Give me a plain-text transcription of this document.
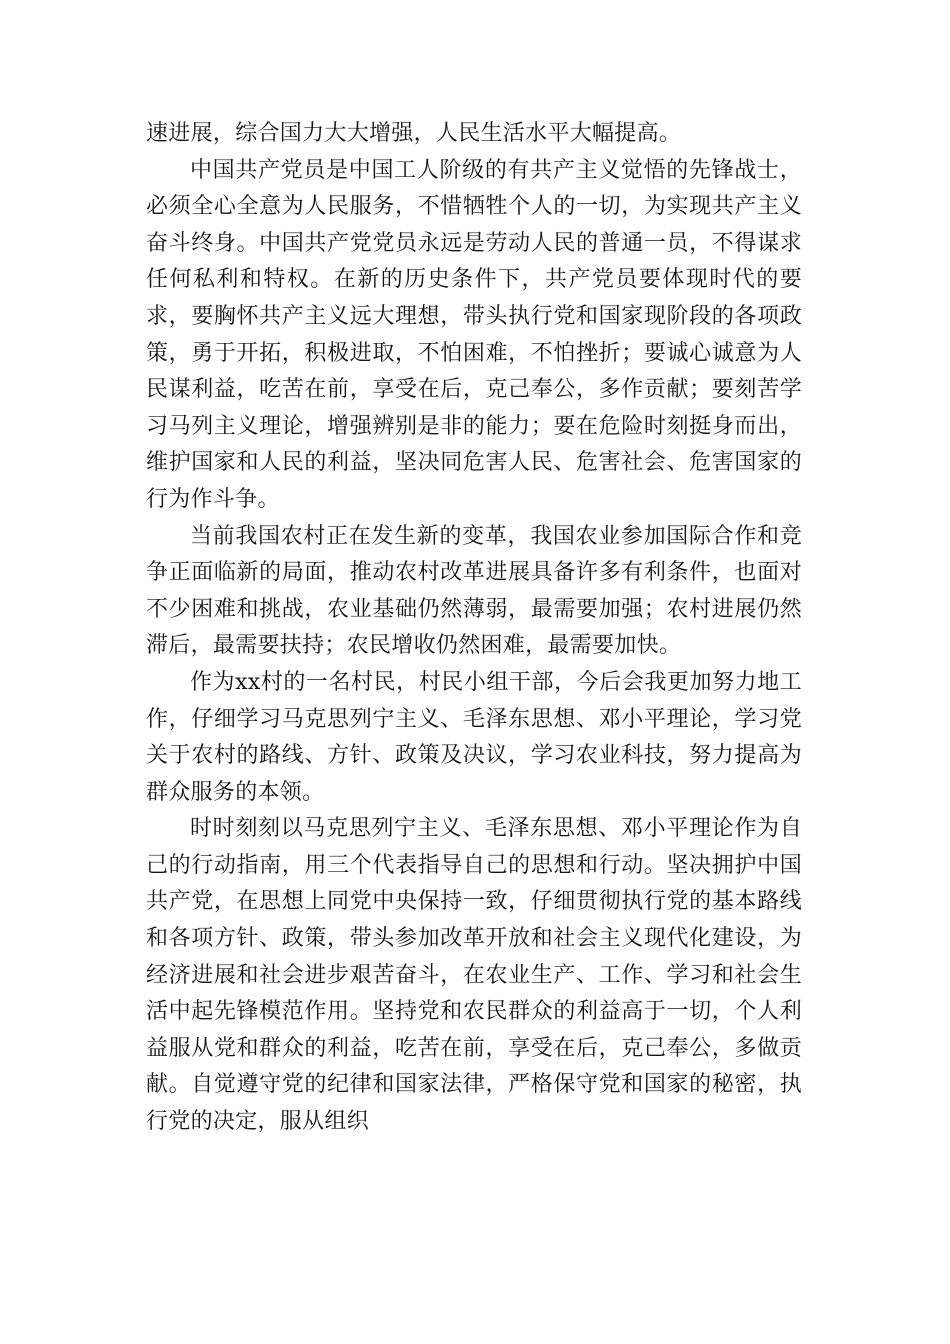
速进展，综合国力大大增强，人民生活水平大幅提高。

中国共产党员是中国工人阶级的有共产主义觉悟的先锋战士，必须全心全意为人民服务，不惜牺牲个人的一切，为实现共产主义奋斗终身。中国共产党党员永远是劳动人民的普通一员，不得谋求任何私利和特权。在新的历史条件下，共产党员要体现时代的要求，要胸怀共产主义远大理想，带头执行党和国家现阶段的各项政策，勇于开拓，积极进取，不怕困难，不怕挫折；要诚心诚意为人民谋利益，吃苦在前，享受在后，克己奉公，多作贡献；要刻苦学习马列主义理论，增强辨别是非的能力；要在危险时刻挺身而出，维护国家和人民的利益，坚决同危害人民、危害社会、危害国家的行为作斗争。

当前我国农村正在发生新的变革，我国农业参加国际合作和竞争正面临新的局面，推动农村改革进展具备许多有利条件，也面对不少困难和挑战，农业基础仍然薄弱，最需要加强；农村进展仍然滞后，最需要扶持；农民增收仍然困难，最需要加快。

作为xx村的一名村民，村民小组干部，今后会我更加努力地工作，仔细学习马克思列宁主义、毛泽东思想、邓小平理论，学习党关于农村的路线、方针、政策及决议，学习农业科技，努力提高为群众服务的本领。

时时刻刻以马克思列宁主义、毛泽东思想、邓小平理论作为自己的行动指南，用三个代表指导自己的思想和行动。坚决拥护中国共产党，在思想上同党中央保持一致，仔细贯彻执行党的基本路线和各项方针、政策，带头参加改革开放和社会主义现代化建设，为经济进展和社会进步艰苦奋斗，在农业生产、工作、学习和社会生活中起先锋模范作用。坚持党和农民群众的利益高于一切，个人利益服从党和群众的利益，吃苦在前，享受在后，克己奉公，多做贡献。自觉遵守党的纪律和国家法律，严格保守党和国家的秘密，执行党的决定，服从组织
